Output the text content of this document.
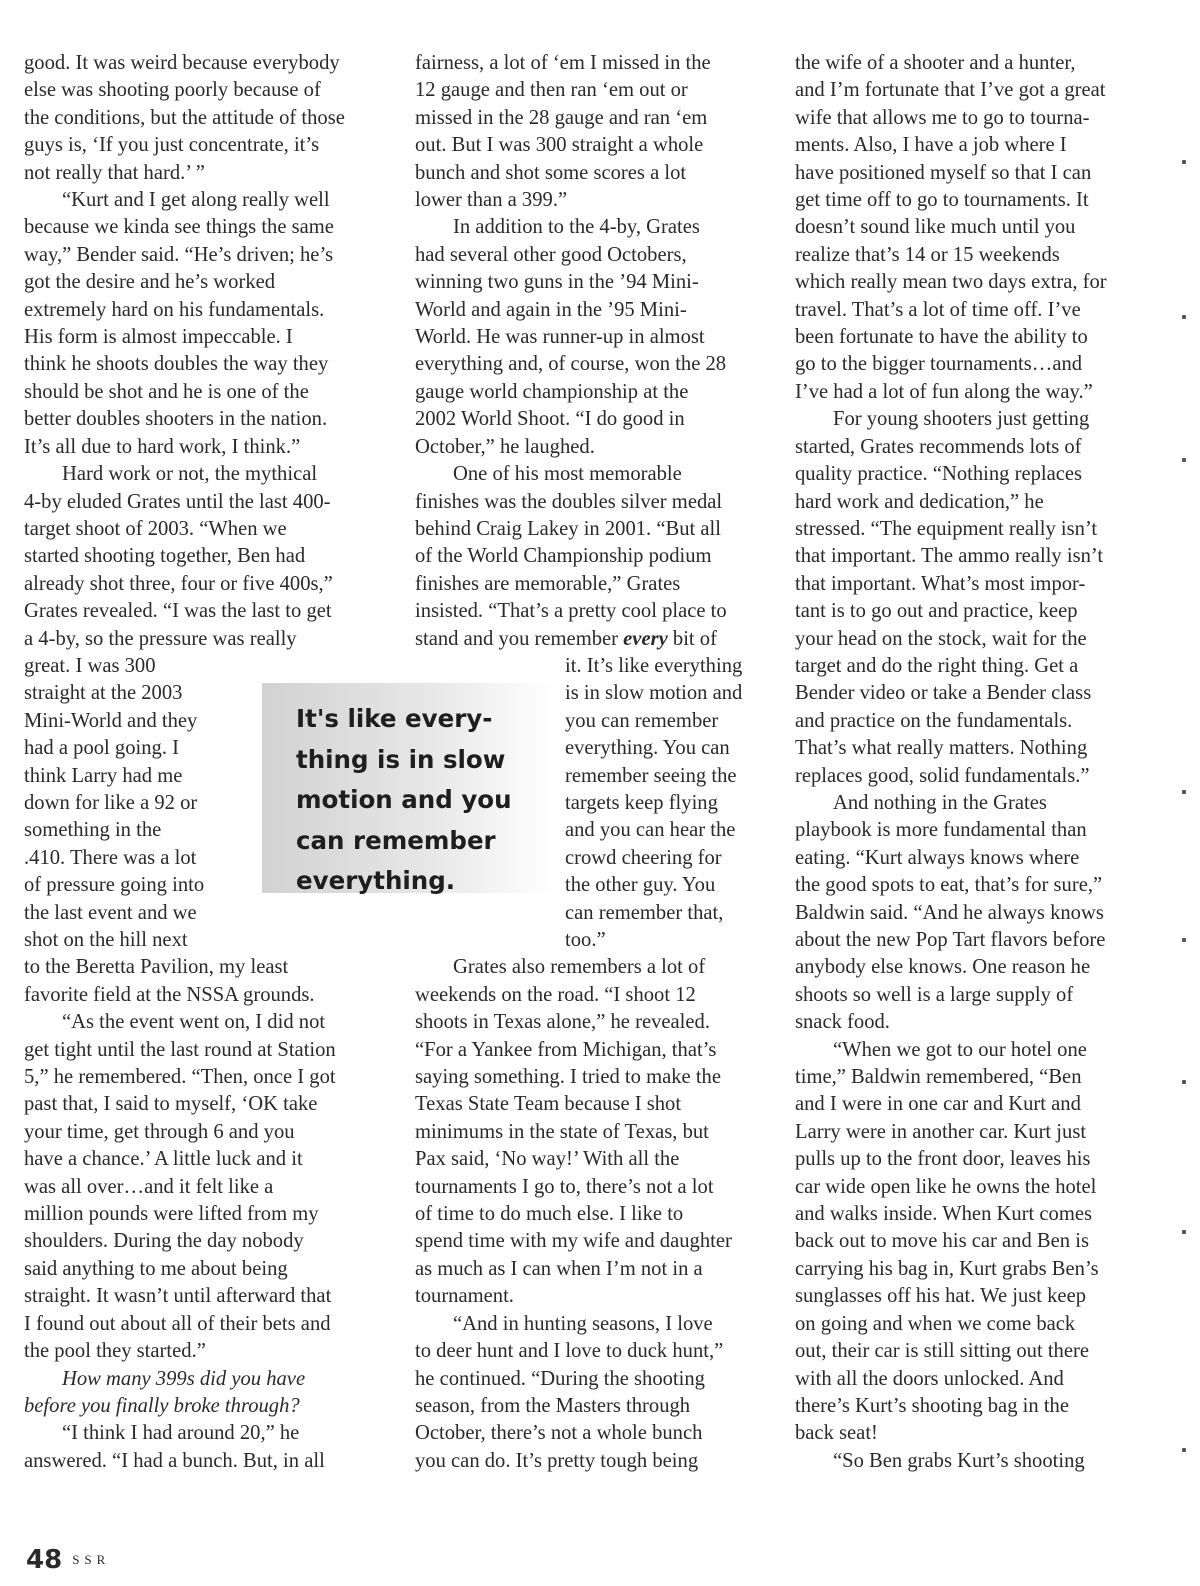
good. It was weird because everybody
else was shooting poorly because of
the conditions, but the attitude of those
guys is, ‘If you just concentrate, it’s
not really that hard.’ ”

“Kurt and I get along really well
because we kinda see things the same
way,” Bender said. “He’s driven; he’s
got the desire and he’s worked
extremely hard on his fundamentals.
His form is almost impeccable. I
think he shoots doubles the way they
should be shot and he is one of the
better doubles shooters in the nation.
It’s all due to hard work, I think.”

Hard work or not, the mythical
4-by eluded Grates until the last 400-
target shoot of 2003. “When we
started shooting together, Ben had
already shot three, four or five 400s,”
Grates revealed. “I was the last to get
a 4-by, so the pressure was really
great. I was 300
straight at the 2003
Mini-World and they
had a pool going. I
think Larry had me
down for like a 92 or
something in the
.410. There was a lot
of pressure going into
the last event and we
shot on the hill next
to the Beretta Pavilion, my least
favorite field at the NSSA grounds.

“As the event went on, I did not
get tight until the last round at Station
5,” he remembered. “Then, once I got
past that, I said to myself, ‘OK take
your time, get through 6 and you
have a chance.’ A little luck and it
was all over…and it felt like a
million pounds were lifted from my
shoulders. During the day nobody
said anything to me about being
straight. It wasn’t until afterward that
I found out about all of their bets and
the pool they started.”

How many 399s did you have
before you finally broke through?

“I think I had around 20,” he
answered. “I had a bunch. But, in all

fairness, a lot of ‘em I missed in the
12 gauge and then ran ‘em out or
missed in the 28 gauge and ran ‘em
out. But I was 300 straight a whole
bunch and shot some scores a lot
lower than a 399.”

In addition to the 4-by, Grates
had several other good Octobers,
winning two guns in the ’94 Mini-
World and again in the ’95 Mini-
World. He was runner-up in almost
everything and, of course, won the 28
gauge world championship at the
2002 World Shoot. “I do good in
October,” he laughed.

One of his most memorable
finishes was the doubles silver medal
behind Craig Lakey in 2001. “But all
of the World Championship podium
finishes are memorable,” Grates
insisted. “That’s a pretty cool place to
stand and you remember every bit of
it. It’s like everything
is in slow motion and
you can remember
everything. You can
remember seeing the
targets keep flying
and you can hear the
crowd cheering for
the other guy. You
can remember that,
too.”

Grates also remembers a lot of
weekends on the road. “I shoot 12
shoots in Texas alone,” he revealed.
“For a Yankee from Michigan, that’s
saying something. I tried to make the
Texas State Team because I shot
minimums in the state of Texas, but
Pax said, ‘No way!’ With all the
tournaments I go to, there’s not a lot
of time to do much else. I like to
spend time with my wife and daughter
as much as I can when I’m not in a
tournament.

“And in hunting seasons, I love
to deer hunt and I love to duck hunt,”
he continued. “During the shooting
season, from the Masters through
October, there’s not a whole bunch
you can do. It’s pretty tough being

the wife of a shooter and a hunter,
and I’m fortunate that I’ve got a great
wife that allows me to go to tourna-
ments. Also, I have a job where I
have positioned myself so that I can
get time off to go to tournaments. It
doesn’t sound like much until you
realize that’s 14 or 15 weekends
which really mean two days extra, for
travel. That’s a lot of time off. I’ve
been fortunate to have the ability to
go to the bigger tournaments…and
I’ve had a lot of fun along the way.”

For young shooters just getting
started, Grates recommends lots of
quality practice. “Nothing replaces
hard work and dedication,” he
stressed. “The equipment really isn’t
that important. The ammo really isn’t
that important. What’s most impor-
tant is to go out and practice, keep
your head on the stock, wait for the
target and do the right thing. Get a
Bender video or take a Bender class
and practice on the fundamentals.
That’s what really matters. Nothing
replaces good, solid fundamentals.”

And nothing in the Grates
playbook is more fundamental than
eating. “Kurt always knows where
the good spots to eat, that’s for sure,”
Baldwin said. “And he always knows
about the new Pop Tart flavors before
anybody else knows. One reason he
shoots so well is a large supply of
snack food.

“When we got to our hotel one
time,” Baldwin remembered, “Ben
and I were in one car and Kurt and
Larry were in another car. Kurt just
pulls up to the front door, leaves his
car wide open like he owns the hotel
and walks inside. When Kurt comes
back out to move his car and Ben is
carrying his bag in, Kurt grabs Ben’s
sunglasses off his hat. We just keep
on going and when we come back
out, their car is still sitting out there
with all the doors unlocked. And
there’s Kurt’s shooting bag in the
back seat!

“So Ben grabs Kurt’s shooting

It's like every-
thing is in slow
motion and you
can remember
everything.
48 SSR
